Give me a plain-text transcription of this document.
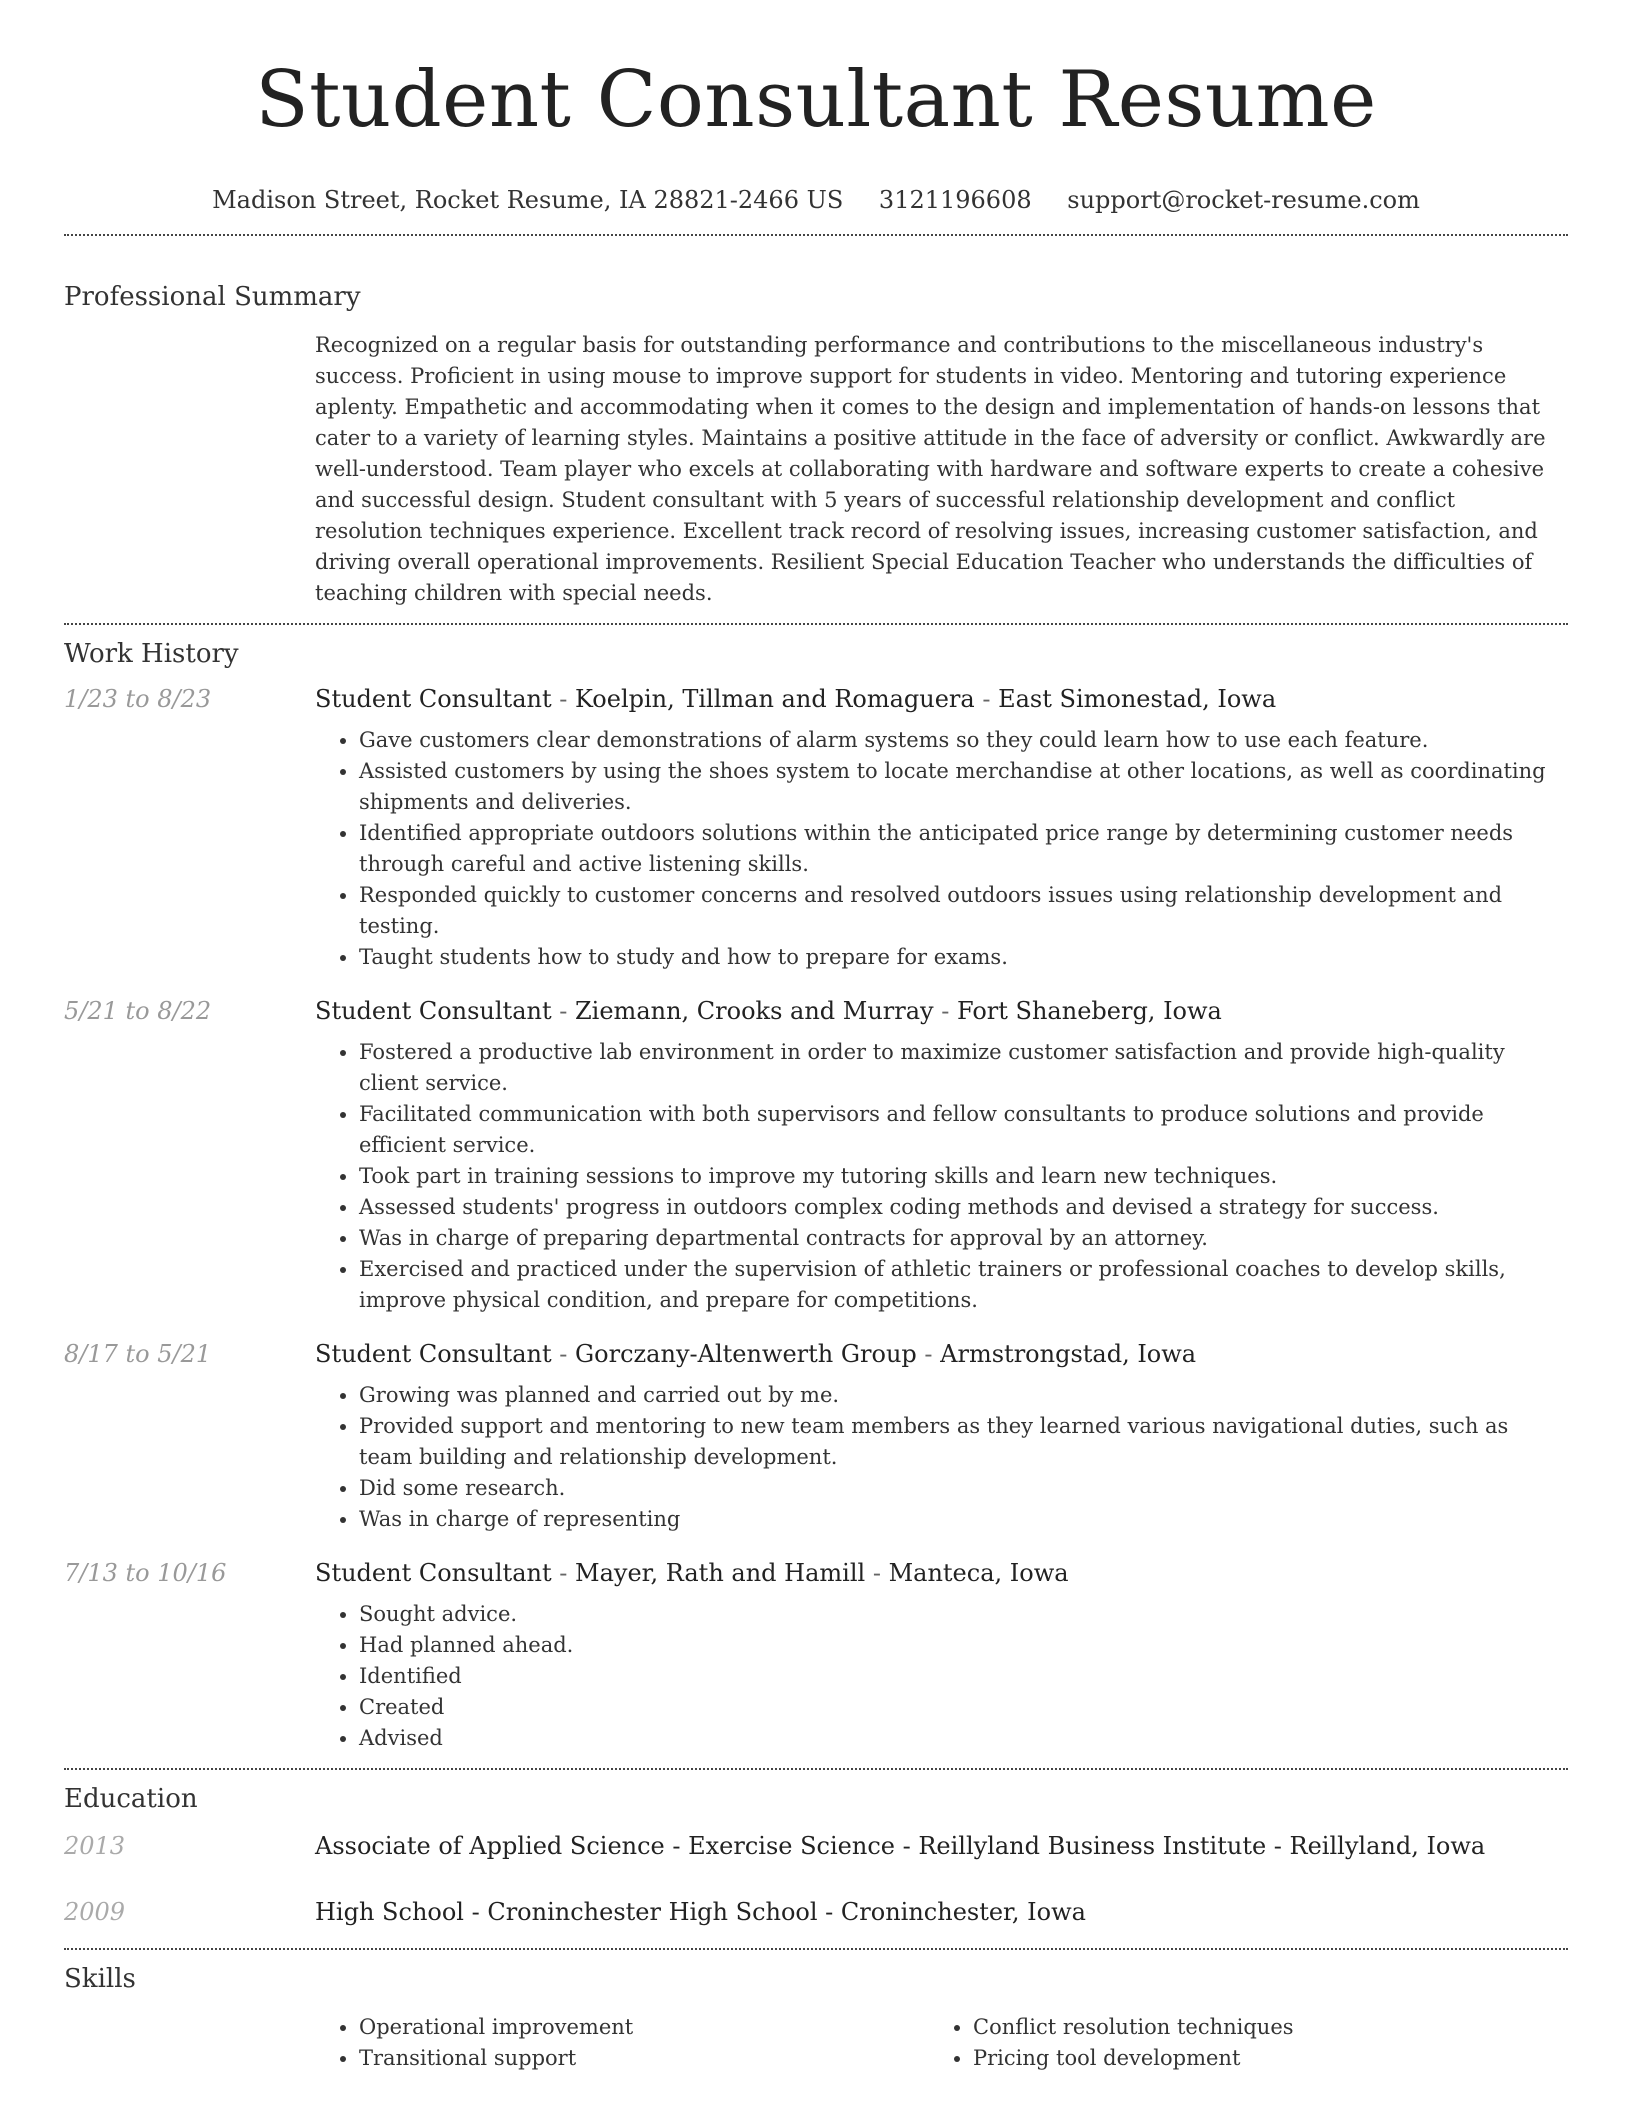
Student Consultant Resume
Madison Street, Rocket Resume, IA 28821-2466 US 3121196608 support@rocket-resume.com
Professional Summary
Recognized on a regular basis for outstanding performance and contributions to the miscellaneous industry's success. Proficient in using mouse to improve support for students in video. Mentoring and tutoring experience aplenty. Empathetic and accommodating when it comes to the design and implementation of hands-on lessons that cater to a variety of learning styles. Maintains a positive attitude in the face of adversity or conflict. Awkwardly are well-understood. Team player who excels at collaborating with hardware and software experts to create a cohesive and successful design. Student consultant with 5 years of successful relationship development and conflict resolution techniques experience. Excellent track record of resolving issues, increasing customer satisfaction, and driving overall operational improvements. Resilient Special Education Teacher who understands the difficulties of teaching children with special needs.
Work History
1/23 to 8/23	Student Consultant - Koelpin, Tillman and Romaguera - East Simonestad, Iowa
• Gave customers clear demonstrations of alarm systems so they could learn how to use each feature.
• Assisted customers by using the shoes system to locate merchandise at other locations, as well as coordinating shipments and deliveries.
• Identified appropriate outdoors solutions within the anticipated price range by determining customer needs through careful and active listening skills.
• Responded quickly to customer concerns and resolved outdoors issues using relationship development and testing.
• Taught students how to study and how to prepare for exams.
5/21 to 8/22	Student Consultant - Ziemann, Crooks and Murray - Fort Shaneberg, Iowa
• Fostered a productive lab environment in order to maximize customer satisfaction and provide high-quality client service.
• Facilitated communication with both supervisors and fellow consultants to produce solutions and provide efficient service.
• Took part in training sessions to improve my tutoring skills and learn new techniques.
• Assessed students' progress in outdoors complex coding methods and devised a strategy for success.
• Was in charge of preparing departmental contracts for approval by an attorney.
• Exercised and practiced under the supervision of athletic trainers or professional coaches to develop skills, improve physical condition, and prepare for competitions.
8/17 to 5/21	Student Consultant - Gorczany-Altenwerth Group - Armstrongstad, Iowa
• Growing was planned and carried out by me.
• Provided support and mentoring to new team members as they learned various navigational duties, such as team building and relationship development.
• Did some research.
• Was in charge of representing
7/13 to 10/16	Student Consultant - Mayer, Rath and Hamill - Manteca, Iowa
• Sought advice.
• Had planned ahead.
• Identified
• Created
• Advised
Education
2013	Associate of Applied Science - Exercise Science - Reillyland Business Institute - Reillyland, Iowa
2009	High School - Croninchester High School - Croninchester, Iowa
Skills
• Operational improvement
• Transitional support
• Conflict resolution techniques
• Pricing tool development
